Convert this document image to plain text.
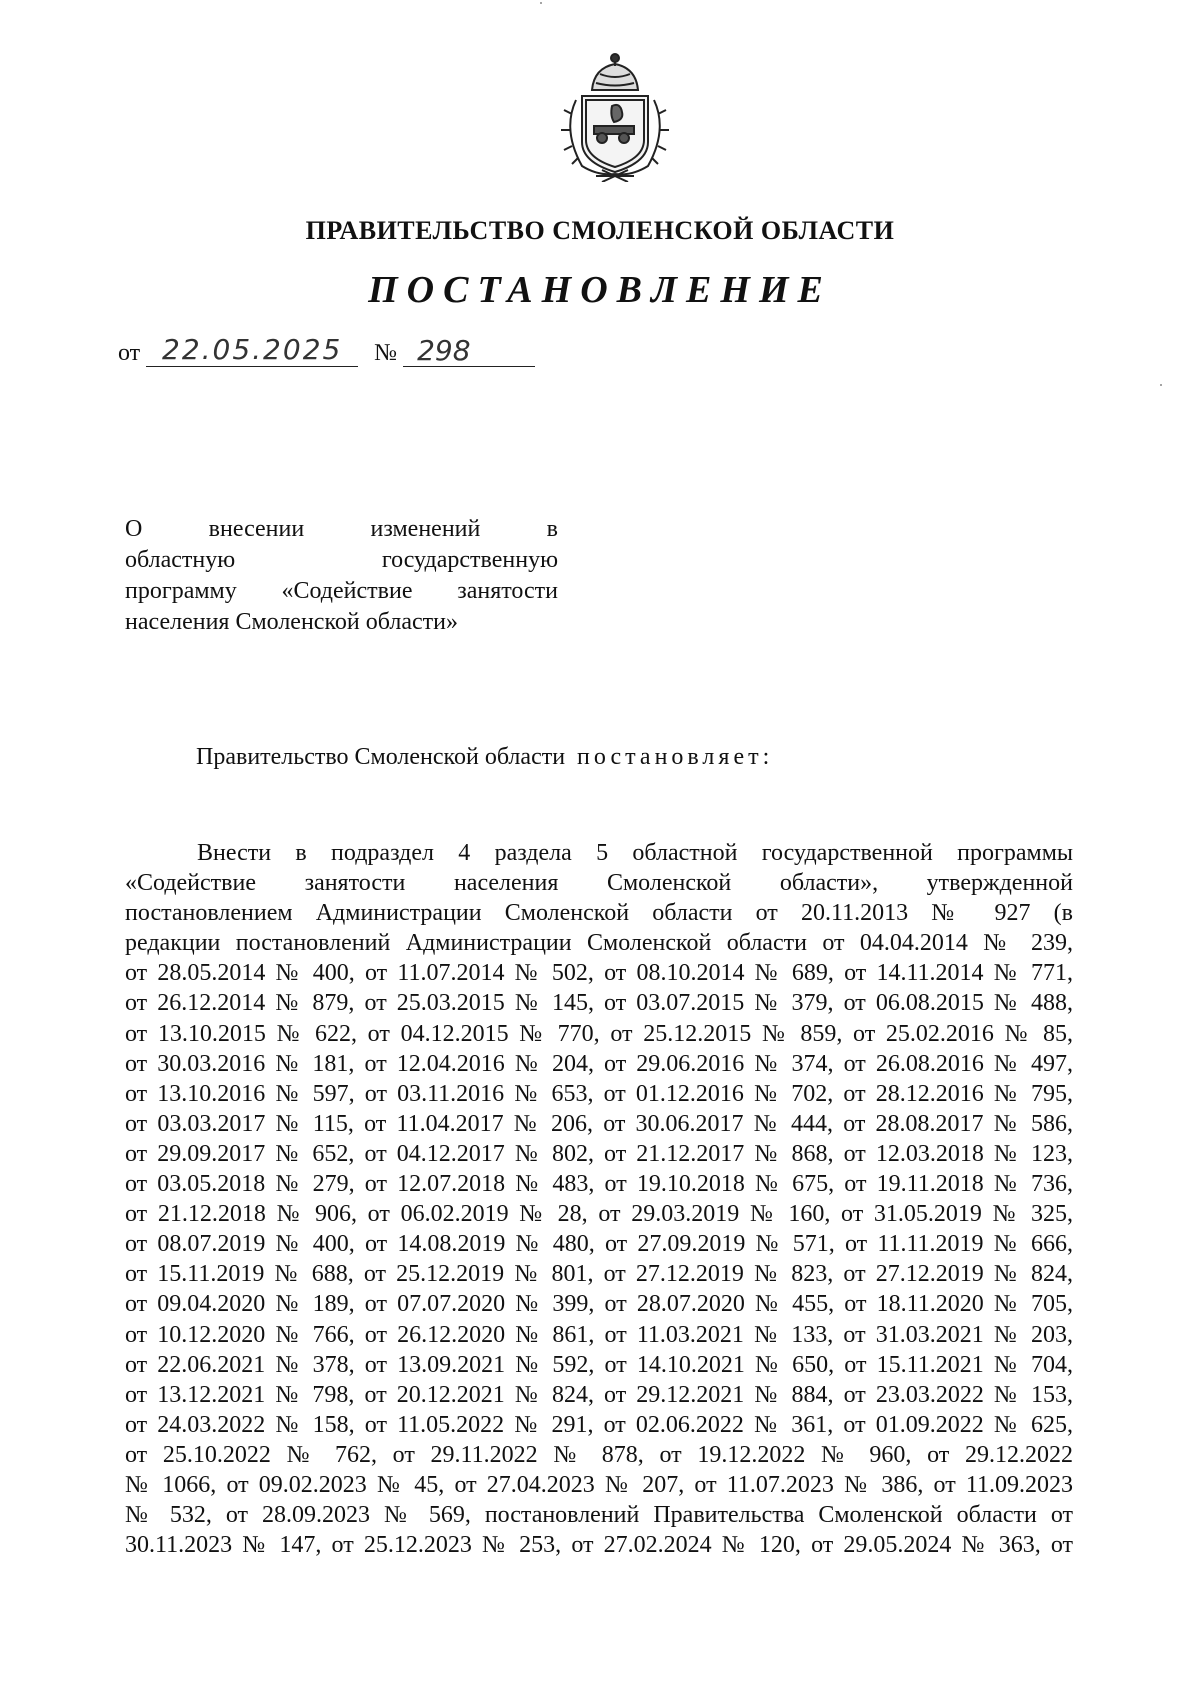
ПРАВИТЕЛЬСТВО СМОЛЕНСКОЙ ОБЛАСТИ
ПОСТАНОВЛЕНИЕ
от 22.05.2025 № 298
О внесении изменений в
областную государственную
программу «Содействие занятости
населения Смоленской области»
Правительство Смоленской области постановляет:
Внести в подраздел 4 раздела 5 областной государственной программы
«Содействие занятости населения Смоленской области», утвержденной
постановлением Администрации Смоленской области от 20.11.2013 № 927 (в
редакции постановлений Администрации Смоленской области от 04.04.2014 № 239,
от 28.05.2014 № 400, от 11.07.2014 № 502, от 08.10.2014 № 689, от 14.11.2014 № 771,
от 26.12.2014 № 879, от 25.03.2015 № 145, от 03.07.2015 № 379, от 06.08.2015 № 488,
от 13.10.2015 № 622, от 04.12.2015 № 770, от 25.12.2015 № 859, от 25.02.2016 № 85,
от 30.03.2016 № 181, от 12.04.2016 № 204, от 29.06.2016 № 374, от 26.08.2016 № 497,
от 13.10.2016 № 597, от 03.11.2016 № 653, от 01.12.2016 № 702, от 28.12.2016 № 795,
от 03.03.2017 № 115, от 11.04.2017 № 206, от 30.06.2017 № 444, от 28.08.2017 № 586,
от 29.09.2017 № 652, от 04.12.2017 № 802, от 21.12.2017 № 868, от 12.03.2018 № 123,
от 03.05.2018 № 279, от 12.07.2018 № 483, от 19.10.2018 № 675, от 19.11.2018 № 736,
от 21.12.2018 № 906, от 06.02.2019 № 28, от 29.03.2019 № 160, от 31.05.2019 № 325,
от 08.07.2019 № 400, от 14.08.2019 № 480, от 27.09.2019 № 571, от 11.11.2019 № 666,
от 15.11.2019 № 688, от 25.12.2019 № 801, от 27.12.2019 № 823, от 27.12.2019 № 824,
от 09.04.2020 № 189, от 07.07.2020 № 399, от 28.07.2020 № 455, от 18.11.2020 № 705,
от 10.12.2020 № 766, от 26.12.2020 № 861, от 11.03.2021 № 133, от 31.03.2021 № 203,
от 22.06.2021 № 378, от 13.09.2021 № 592, от 14.10.2021 № 650, от 15.11.2021 № 704,
от 13.12.2021 № 798, от 20.12.2021 № 824, от 29.12.2021 № 884, от 23.03.2022 № 153,
от 24.03.2022 № 158, от 11.05.2022 № 291, от 02.06.2022 № 361, от 01.09.2022 № 625,
от 25.10.2022 № 762, от 29.11.2022 № 878, от 19.12.2022 № 960, от 29.12.2022
№ 1066, от 09.02.2023 № 45, от 27.04.2023 № 207, от 11.07.2023 № 386, от 11.09.2023
№ 532, от 28.09.2023 № 569, постановлений Правительства Смоленской области от
30.11.2023 № 147, от 25.12.2023 № 253, от 27.02.2024 № 120, от 29.05.2024 № 363, от
